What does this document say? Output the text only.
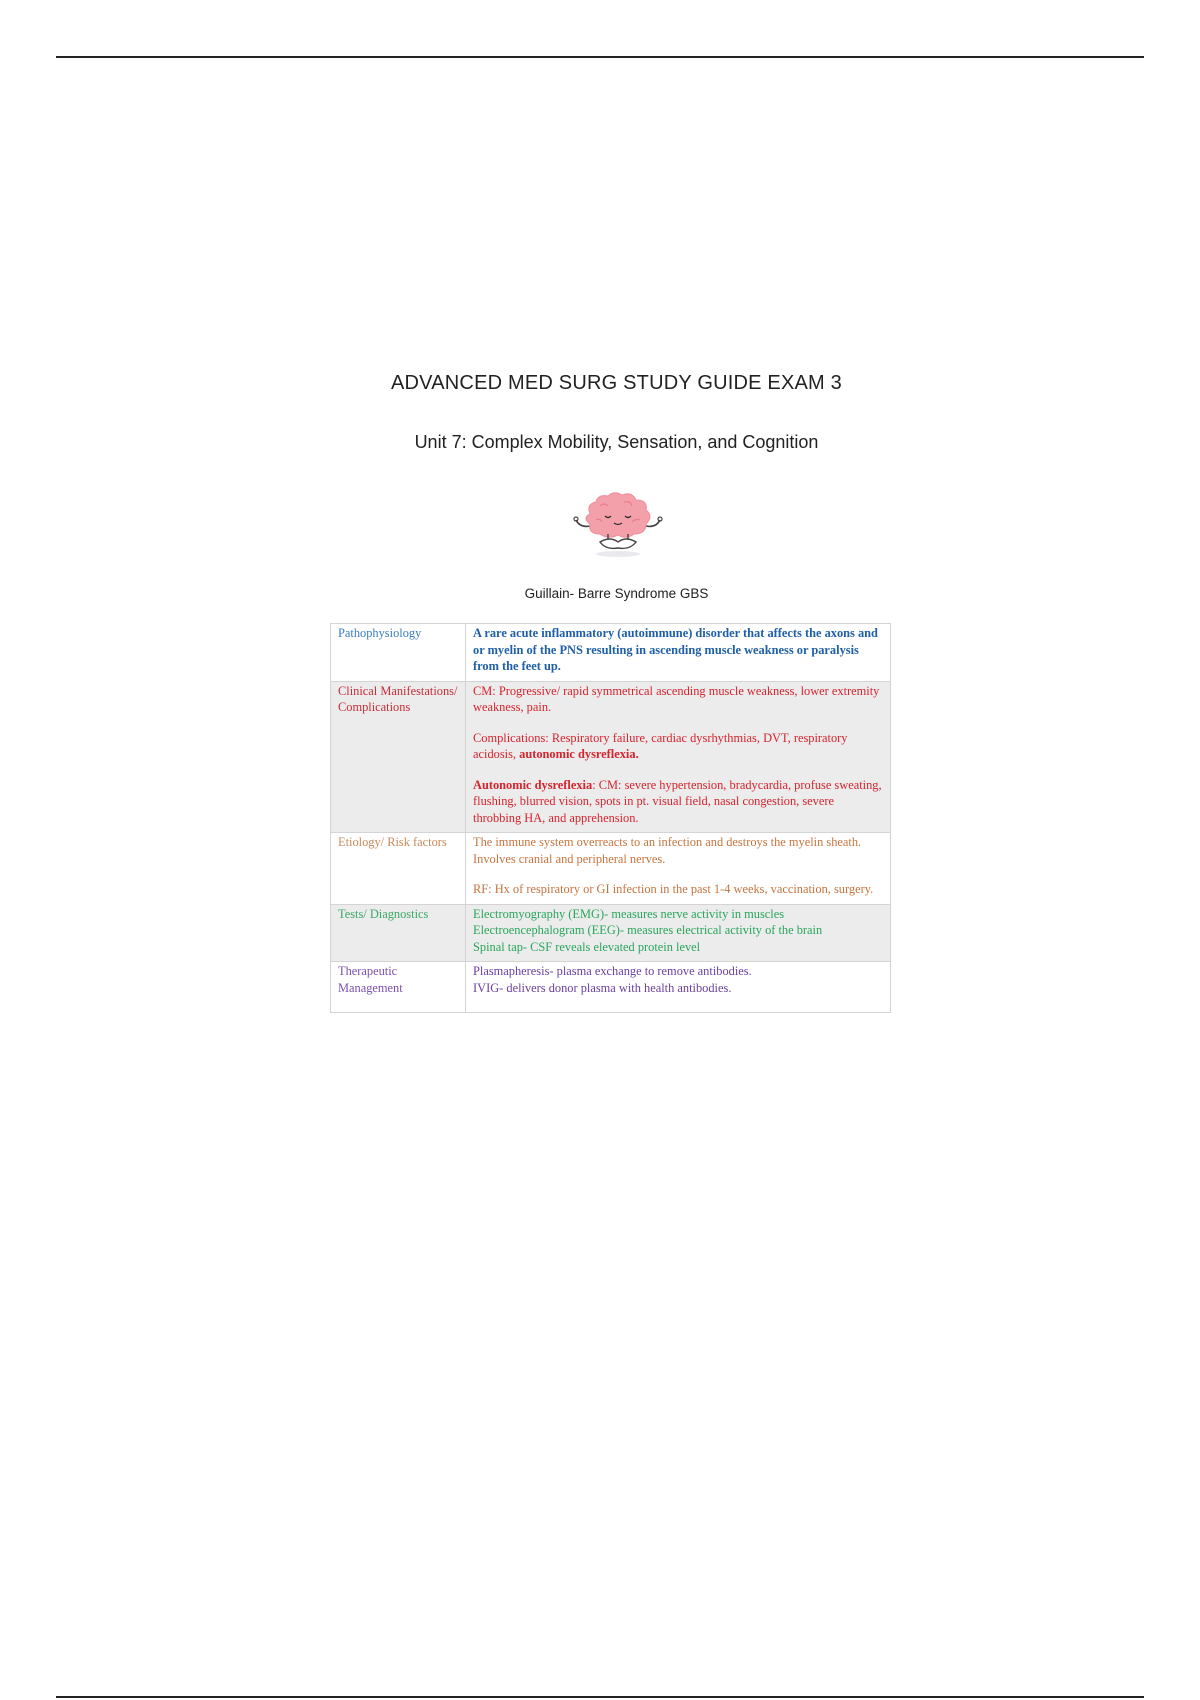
ADVANCED MED SURG STUDY GUIDE EXAM 3
Unit 7: Complex Mobility, Sensation, and Cognition
Guillain- Barre Syndrome GBS
Pathophysiology	A rare acute inflammatory (autoimmune) disorder that affects the axons and or myelin of the PNS resulting in ascending muscle weakness or paralysis from the feet up.

Clinical Manifestations/ Complications	CM: Progressive/ rapid symmetrical ascending muscle weakness, lower extremity weakness, pain.

Complications: Respiratory failure, cardiac dysrhythmias, DVT, respiratory acidosis, autonomic dysreflexia.

Autonomic dysreflexia: CM: severe hypertension, bradycardia, profuse sweating, flushing, blurred vision, spots in pt. visual field, nasal congestion, severe throbbing HA, and apprehension.

Etiology/ Risk factors	The immune system overreacts to an infection and destroys the myelin sheath. Involves cranial and peripheral nerves.

RF: Hx of respiratory or GI infection in the past 1-4 weeks, vaccination, surgery.

Tests/ Diagnostics	Electromyography (EMG)- measures nerve activity in muscles

Electroencephalogram (EEG)- measures electrical activity of the brain

Spinal tap- CSF reveals elevated protein level

Therapeutic Management	Plasmapheresis- plasma exchange to remove antibodies.

IVIG- delivers donor plasma with health antibodies.
